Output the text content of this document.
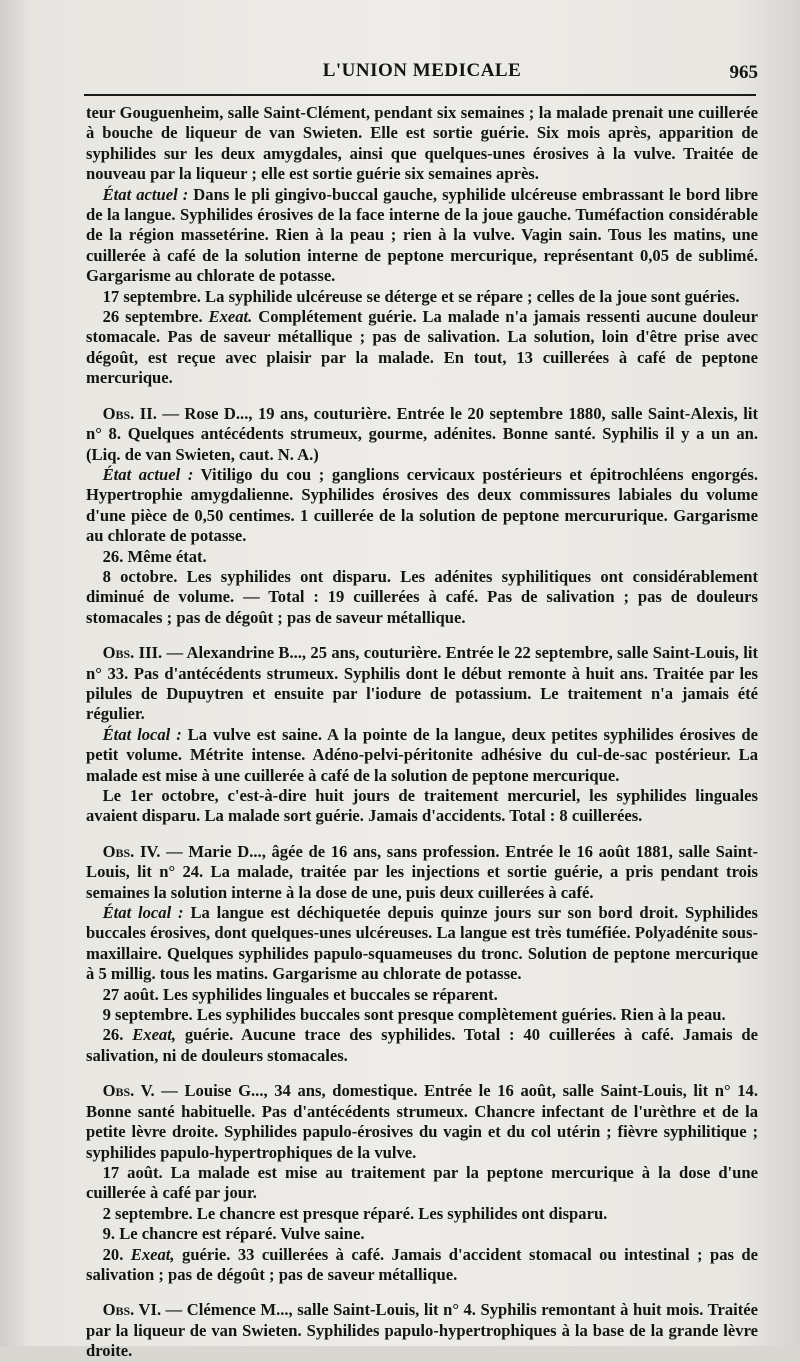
L'UNION MEDICALE	965

teur Gouguenheim, salle Saint-Clément, pendant six semaines ; la malade prenait une cuillerée à bouche de liqueur de van Swieten. Elle est sortie guérie. Six mois après, apparition de syphilides sur les deux amygdales, ainsi que quelques-unes érosives à la vulve. Traitée de nouveau par la liqueur ; elle est sortie guérie six semaines après.

 État actuel : Dans le pli gingivo-buccal gauche, syphilide ulcéreuse embrassant le bord libre de la langue. Syphilides érosives de la face interne de la joue gauche. Tuméfaction considérable de la région massetérine. Rien à la peau ; rien à la vulve. Vagin sain. Tous les matins, une cuillerée à café de la solution interne de peptone mercurique, représentant 0,05 de sublimé. Gargarisme au chlorate de potasse.

 17 septembre. La syphilide ulcéreuse se déterge et se répare ; celles de la joue sont guéries.

 26 septembre. Exeat. Complétement guérie. La malade n'a jamais ressenti aucune douleur stomacale. Pas de saveur métallique ; pas de salivation. La solution, loin d'être prise avec dégoût, est reçue avec plaisir par la malade. En tout, 13 cuillerées à café de peptone mercurique.

 Obs. II. — Rose D..., 19 ans, couturière. Entrée le 20 septembre 1880, salle Saint-Alexis, lit n° 8. Quelques antécédents strumeux, gourme, adénites. Bonne santé. Syphilis il y a un an. (Liq. de van Swieten, caut. N. A.)

 État actuel : Vitiligo du cou ; ganglions cervicaux postérieurs et épitrochléens engorgés. Hypertrophie amygdalienne. Syphilides érosives des deux commissures labiales du volume d'une pièce de 0,50 centimes. 1 cuillerée de la solution de peptone mercururique. Gargarisme au chlorate de potasse.

 26. Même état.

 8 octobre. Les syphilides ont disparu. Les adénites syphilitiques ont considérablement diminué de volume. — Total : 19 cuillerées à café. Pas de salivation ; pas de douleurs stomacales ; pas de dégoût ; pas de saveur métallique.

 Obs. III. — Alexandrine B..., 25 ans, couturière. Entrée le 22 septembre, salle Saint-Louis, lit n° 33. Pas d'antécédents strumeux. Syphilis dont le début remonte à huit ans. Traitée par les pilules de Dupuytren et ensuite par l'iodure de potassium. Le traitement n'a jamais été régulier.

 État local : La vulve est saine. A la pointe de la langue, deux petites syphilides érosives de petit volume. Métrite intense. Adéno-pelvi-péritonite adhésive du cul-de-sac postérieur. La malade est mise à une cuillerée à café de la solution de peptone mercurique.

 Le 1er octobre, c'est-à-dire huit jours de traitement mercuriel, les syphilides linguales avaient disparu. La malade sort guérie. Jamais d'accidents. Total : 8 cuillerées.

 Obs. IV. — Marie D..., âgée de 16 ans, sans profession. Entrée le 16 août 1881, salle Saint-Louis, lit n° 24. La malade, traitée par les injections et sortie guérie, a pris pendant trois semaines la solution interne à la dose de une, puis deux cuillerées à café.

 État local : La langue est déchiquetée depuis quinze jours sur son bord droit. Syphilides buccales érosives, dont quelques-unes ulcéreuses. La langue est très tuméfiée. Polyadénite sous-maxillaire. Quelques syphilides papulo-squameuses du tronc. Solution de peptone mercurique à 5 millig. tous les matins. Gargarisme au chlorate de potasse.

 27 août. Les syphilides linguales et buccales se réparent.

 9 septembre. Les syphilides buccales sont presque complètement guéries. Rien à la peau.

 26. Exeat, guérie. Aucune trace des syphilides. Total : 40 cuillerées à café. Jamais de salivation, ni de douleurs stomacales.

 Obs. V. — Louise G..., 34 ans, domestique. Entrée le 16 août, salle Saint-Louis, lit n° 14. Bonne santé habituelle. Pas d'antécédents strumeux. Chancre infectant de l'urèthre et de la petite lèvre droite. Syphilides papulo-érosives du vagin et du col utérin ; fièvre syphilitique ; syphilides papulo-hypertrophiques de la vulve.

 17 août. La malade est mise au traitement par la peptone mercurique à la dose d'une cuillerée à café par jour.

 2 septembre. Le chancre est presque réparé. Les syphilides ont disparu.

 9. Le chancre est réparé. Vulve saine.

 20. Exeat, guérie. 33 cuillerées à café. Jamais d'accident stomacal ou intestinal ; pas de salivation ; pas de dégoût ; pas de saveur métallique.

 Obs. VI. — Clémence M..., salle Saint-Louis, lit n° 4. Syphilis remontant à huit mois. Traitée par la liqueur de van Swieten. Syphilides papulo-hypertrophiques à la base de la grande lèvre droite.
